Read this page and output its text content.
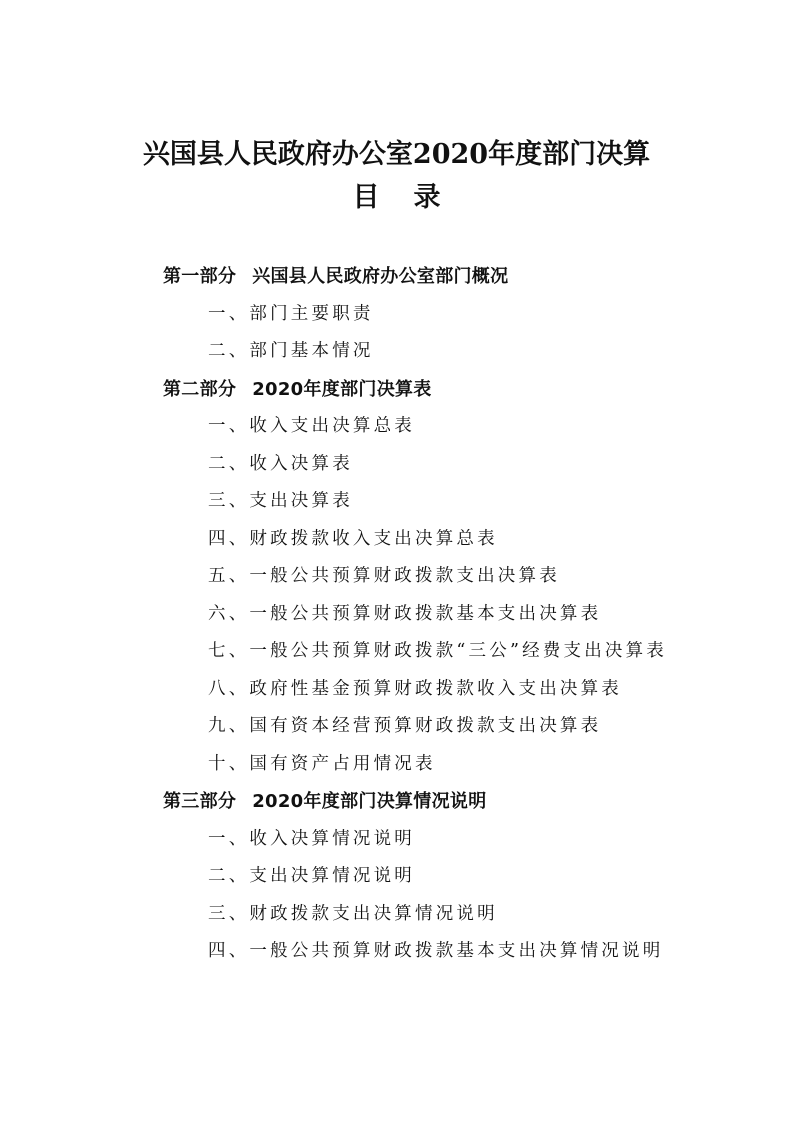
兴国县人民政府办公室2020年度部门决算
目 录
第一部分 兴国县人民政府办公室部门概况
一、部门主要职责
二、部门基本情况
第二部分 2020年度部门决算表
一、收入支出决算总表
二、收入决算表
三、支出决算表
四、财政拨款收入支出决算总表
五、一般公共预算财政拨款支出决算表
六、一般公共预算财政拨款基本支出决算表
七、一般公共预算财政拨款“三公”经费支出决算表
八、政府性基金预算财政拨款收入支出决算表
九、国有资本经营预算财政拨款支出决算表
十、国有资产占用情况表
第三部分 2020年度部门决算情况说明
一、收入决算情况说明
二、支出决算情况说明
三、财政拨款支出决算情况说明
四、一般公共预算财政拨款基本支出决算情况说明
